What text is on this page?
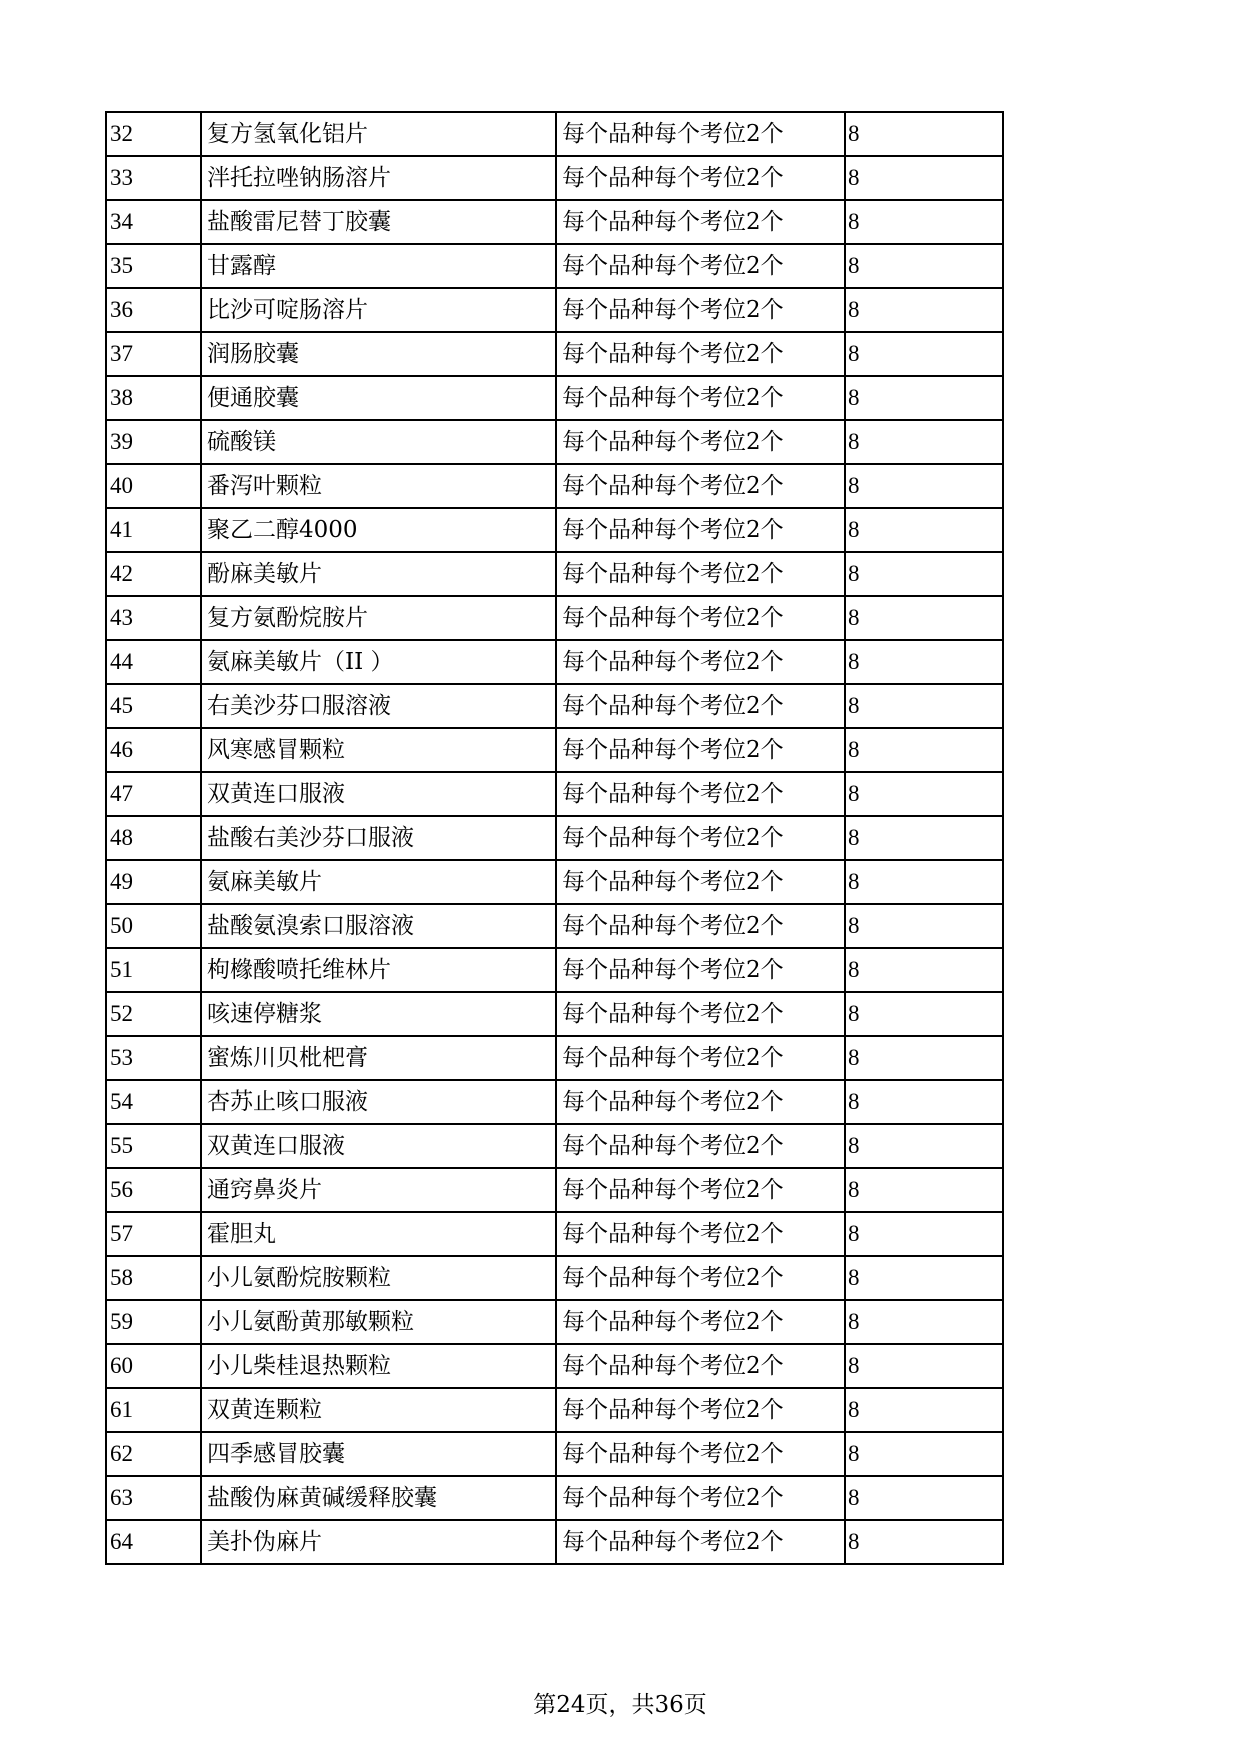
32	复方氢氧化铝片	每个品种每个考位2个	8
33	泮托拉唑钠肠溶片	每个品种每个考位2个	8
34	盐酸雷尼替丁胶囊	每个品种每个考位2个	8
35	甘露醇	每个品种每个考位2个	8
36	比沙可啶肠溶片	每个品种每个考位2个	8
37	润肠胶囊	每个品种每个考位2个	8
38	便通胶囊	每个品种每个考位2个	8
39	硫酸镁	每个品种每个考位2个	8
40	番泻叶颗粒	每个品种每个考位2个	8
41	聚乙二醇4000	每个品种每个考位2个	8
42	酚麻美敏片	每个品种每个考位2个	8
43	复方氨酚烷胺片	每个品种每个考位2个	8
44	氨麻美敏片（II ）	每个品种每个考位2个	8
45	右美沙芬口服溶液	每个品种每个考位2个	8
46	风寒感冒颗粒	每个品种每个考位2个	8
47	双黄连口服液	每个品种每个考位2个	8
48	盐酸右美沙芬口服液	每个品种每个考位2个	8
49	氨麻美敏片	每个品种每个考位2个	8
50	盐酸氨溴索口服溶液	每个品种每个考位2个	8
51	枸橼酸喷托维林片	每个品种每个考位2个	8
52	咳速停糖浆	每个品种每个考位2个	8
53	蜜炼川贝枇杷膏	每个品种每个考位2个	8
54	杏苏止咳口服液	每个品种每个考位2个	8
55	双黄连口服液	每个品种每个考位2个	8
56	通窍鼻炎片	每个品种每个考位2个	8
57	霍胆丸	每个品种每个考位2个	8
58	小儿氨酚烷胺颗粒	每个品种每个考位2个	8
59	小儿氨酚黄那敏颗粒	每个品种每个考位2个	8
60	小儿柴桂退热颗粒	每个品种每个考位2个	8
61	双黄连颗粒	每个品种每个考位2个	8
62	四季感冒胶囊	每个品种每个考位2个	8
63	盐酸伪麻黄碱缓释胶囊	每个品种每个考位2个	8
64	美扑伪麻片	每个品种每个考位2个	8
第24页，共36页
